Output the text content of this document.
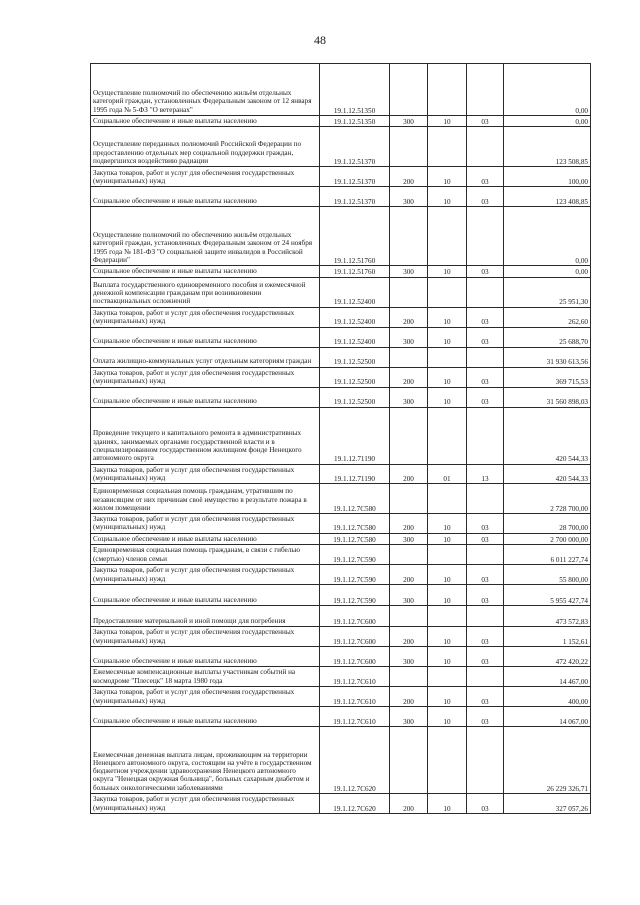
48
Осуществление полномочий по обеспечению жильём отдельных категорий граждан, установленных Федеральным законом от 12 января 1995 года № 5-ФЗ "О ветеранах"	19.1.12.51350				0,00
Социальное обеспечение и иные выплаты населению	19.1.12.51350	300	10	03	0,00
Осуществление переданных полномочий Российской Федерации по предоставлению отдельных мер социальной поддержки граждан, подвергшихся воздействию радиации	19.1.12.51370				123 508,85
Закупка товаров, работ и услуг для обеспечения государственных (муниципальных) нужд	19.1.12.51370	200	10	03	100,00
Социальное обеспечение и иные выплаты населению	19.1.12.51370	300	10	03	123 408,85
Осуществление полномочий по обеспечению жильём отдельных категорий граждан, установленных Федеральным законом от 24 ноября 1995 года № 181-ФЗ "О социальной защите инвалидов в Российской Федерации"	19.1.12.51760				0,00
Социальное обеспечение и иные выплаты населению	19.1.12.51760	300	10	03	0,00
Выплата государственного единовременного пособия и ежемесячной денежной компенсации гражданам при возникновении поствакцинальных осложнений	19.1.12.52400				25 951,30
Закупка товаров, работ и услуг для обеспечения государственных (муниципальных) нужд	19.1.12.52400	200	10	03	262,60
Социальное обеспечение и иные выплаты населению	19.1.12.52400	300	10	03	25 688,70
Оплата жилищно-коммунальных услуг отдельным категориям граждан	19.1.12.52500				31 930 613,56
Закупка товаров, работ и услуг для обеспечения государственных (муниципальных) нужд	19.1.12.52500	200	10	03	369 715,53
Социальное обеспечение и иные выплаты населению	19.1.12.52500	300	10	03	31 560 898,03
Проведение текущего и капитального ремонта в административных зданиях, занимаемых органами государственной власти и в специализированном государственном жилищном фонде Ненецкого автономного округа	19.1.12.71190				420 544,33
Закупка товаров, работ и услуг для обеспечения государственных (муниципальных) нужд	19.1.12.71190	200	01	13	420 544,33
Единовременная социальная помощь гражданам, утратившим по независящим от них причинам своё имущество в результате пожара в жилом помещении	19.1.12.7С580				2 728 700,00
Закупка товаров, работ и услуг для обеспечения государственных (муниципальных) нужд	19.1.12.7С580	200	10	03	28 700,00
Социальное обеспечение и иные выплаты населению	19.1.12.7С580	300	10	03	2 700 000,00
Единовременная социальная помощь гражданам, в связи с гибелью (смертью) членов семьи	19.1.12.7С590				6 011 227,74
Закупка товаров, работ и услуг для обеспечения государственных (муниципальных) нужд	19.1.12.7С590	200	10	03	55 800,00
Социальное обеспечение и иные выплаты населению	19.1.12.7С590	300	10	03	5 955 427,74
Предоставление материальной и иной помощи для погребения	19.1.12.7С600				473 572,83
Закупка товаров, работ и услуг для обеспечения государственных (муниципальных) нужд	19.1.12.7С600	200	10	03	1 152,61
Социальное обеспечение и иные выплаты населению	19.1.12.7С600	300	10	03	472 420,22
Ежемесячные компенсационные выплаты участникам событий на космодроме "Плесецк" 18 марта 1980 года	19.1.12.7С610				14 467,00
Закупка товаров, работ и услуг для обеспечения государственных (муниципальных) нужд	19.1.12.7С610	200	10	03	400,00
Социальное обеспечение и иные выплаты населению	19.1.12.7С610	300	10	03	14 067,00
Ежемесячная денежная выплата лицам, проживающим на территории Ненецкого автономного округа, состоящим на учёте в государственном бюджетном учреждении здравоохранения Ненецкого автономного округа "Ненецкая окружная больница", больных сахарным диабетом и больных онкологическими заболеваниями	19.1.12.7С620				26 229 326,71
Закупка товаров, работ и услуг для обеспечения государственных (муниципальных) нужд	19.1.12.7С620	200	10	03	327 057,26
